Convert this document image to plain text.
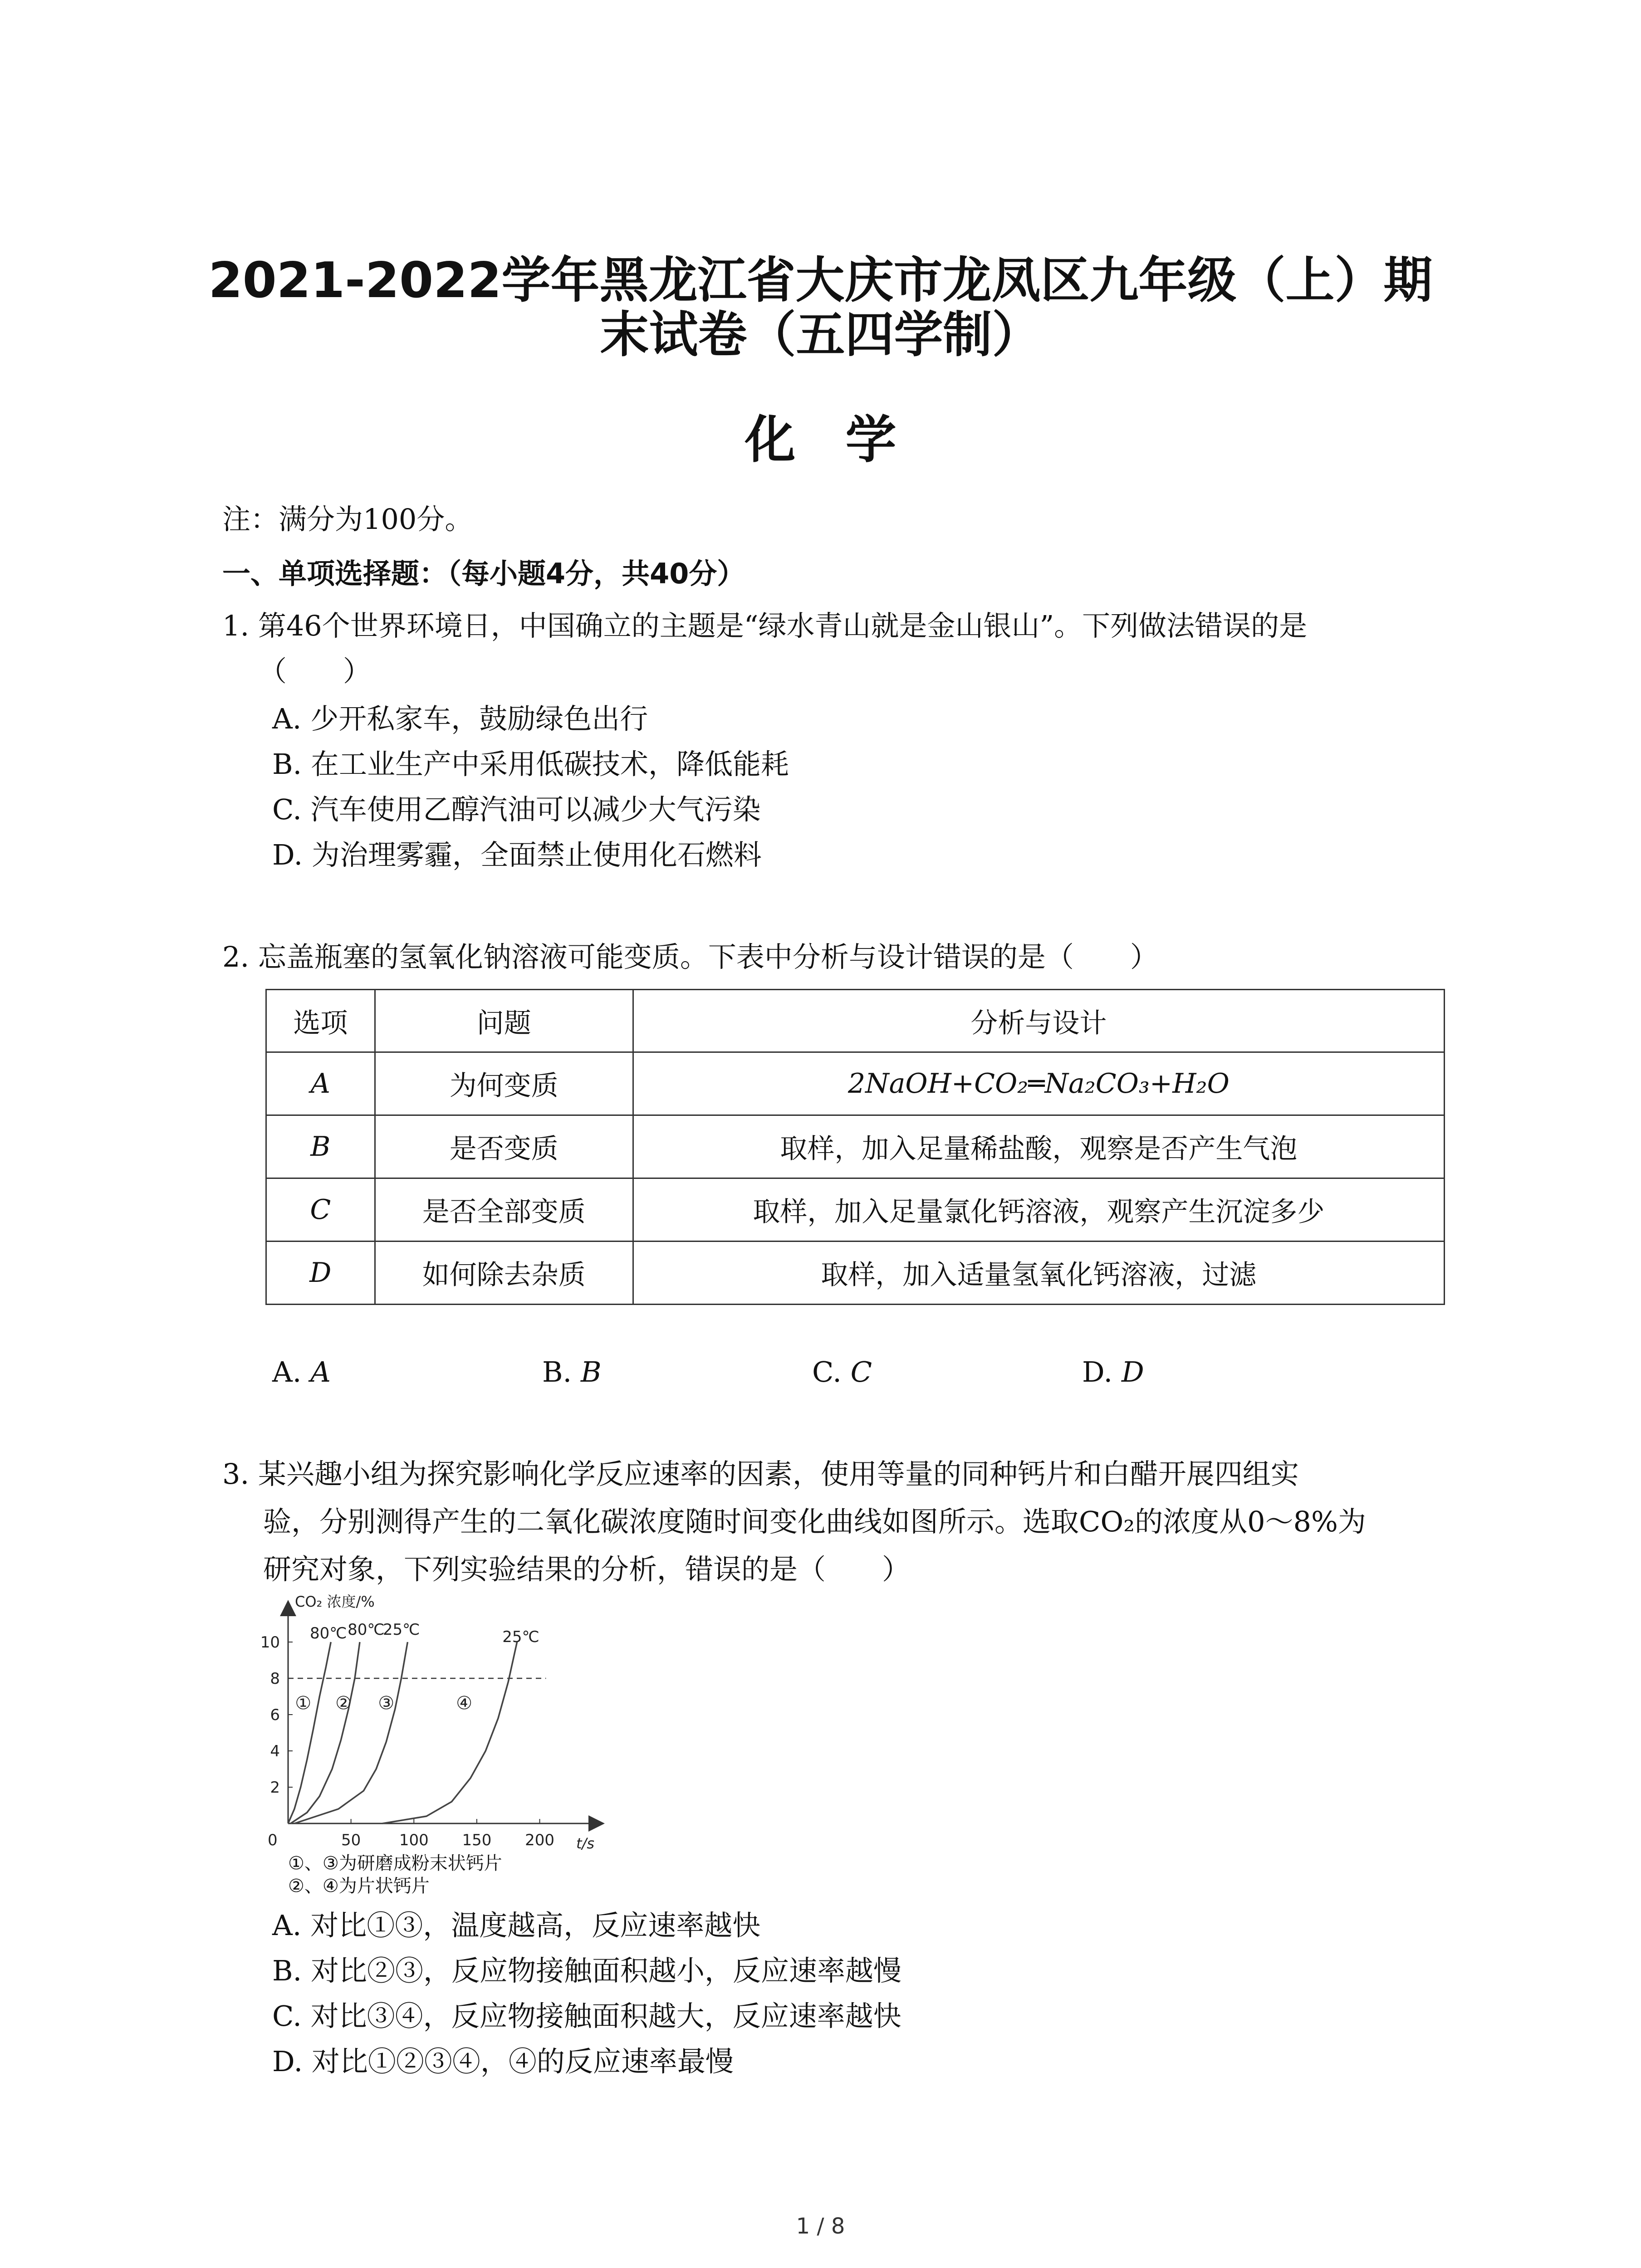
2021-2022学年黑龙江省大庆市龙凤区九年级（上）期
末试卷（五四学制）
化学
注：满分为100分。
一、单项选择题：（每小题4分，共40分）
1. 第46个世界环境日，中国确立的主题是“绿水青山就是金山银山”。下列做法错误的是
（　　）
A. 少开私家车，鼓励绿色出行
B. 在工业生产中采用低碳技术，降低能耗
C. 汽车使用乙醇汽油可以减少大气污染
D. 为治理雾霾，全面禁止使用化石燃料
2. 忘盖瓶塞的氢氧化钠溶液可能变质。下表中分析与设计错误的是（　　）
选项	问题	分析与设计
A	为何变质	2NaOH+CO₂═Na₂CO₃+H₂O
B	是否变质	取样，加入足量稀盐酸，观察是否产生气泡
C	是否全部变质	取样，加入足量氯化钙溶液，观察产生沉淀多少
D	如何除去杂质	取样，加入适量氢氧化钙溶液，过滤
A. A	B. B	C. C	D. D
3. 某兴趣小组为探究影响化学反应速率的因素，使用等量的同种钙片和白醋开展四组实
验，分别测得产生的二氧化碳浓度随时间变化曲线如图所示。选取CO₂的浓度从0～8%为
研究对象，下列实验结果的分析，错误的是（　　）
0	50 100 150 200
2
4
6
8
10
t/s
CO₂ 浓度/%
① ② ③	④
80℃ 80℃
25℃	25℃
①、③为研磨成粉末状钙片
②、④为片状钙片
A. 对比①③，温度越高，反应速率越快
B. 对比②③，反应物接触面积越小，反应速率越慢
C. 对比③④，反应物接触面积越大，反应速率越快
D. 对比①②③④，④的反应速率最慢
1 / 8
